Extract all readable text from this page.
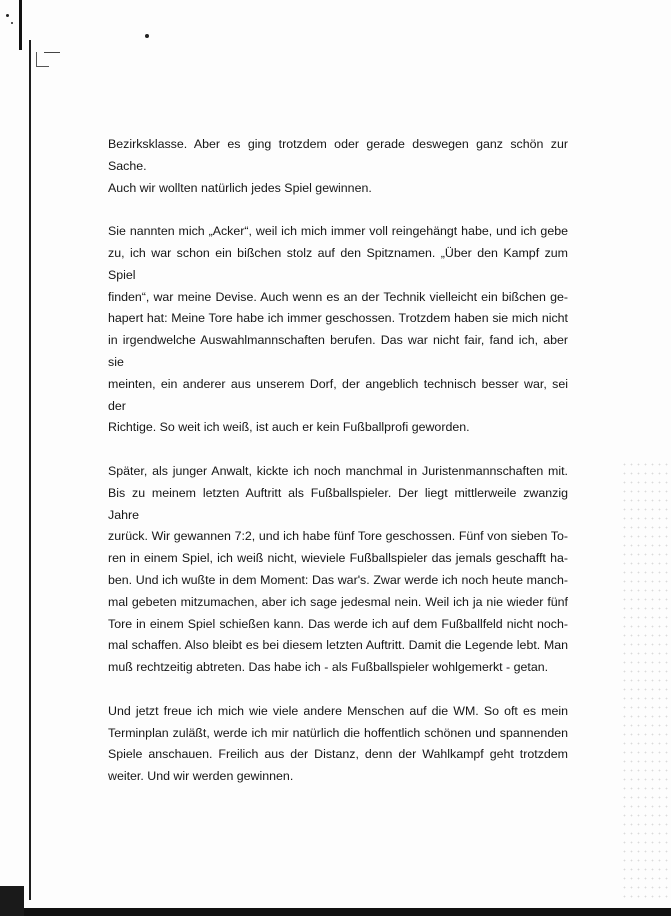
Bezirksklasse. Aber es ging trotzdem oder gerade deswegen ganz schön zur Sache.
Auch wir wollten natürlich jedes Spiel gewinnen.

Sie nannten mich „Acker“, weil ich mich immer voll reingehängt habe, und ich gebe
zu, ich war schon ein bißchen stolz auf den Spitznamen. „Über den Kampf zum Spiel
finden“, war meine Devise. Auch wenn es an der Technik vielleicht ein bißchen ge-
hapert hat: Meine Tore habe ich immer geschossen. Trotzdem haben sie mich nicht
in irgendwelche Auswahlmannschaften berufen. Das war nicht fair, fand ich, aber sie
meinten, ein anderer aus unserem Dorf, der angeblich technisch besser war, sei der
Richtige. So weit ich weiß, ist auch er kein Fußballprofi geworden.

Später, als junger Anwalt, kickte ich noch manchmal in Juristenmannschaften mit.
Bis zu meinem letzten Auftritt als Fußballspieler. Der liegt mittlerweile zwanzig Jahre
zurück. Wir gewannen 7:2, und ich habe fünf Tore geschossen. Fünf von sieben To-
ren in einem Spiel, ich weiß nicht, wieviele Fußballspieler das jemals geschafft ha-
ben. Und ich wußte in dem Moment: Das war's. Zwar werde ich noch heute manch-
mal gebeten mitzumachen, aber ich sage jedesmal nein. Weil ich ja nie wieder fünf
Tore in einem Spiel schießen kann. Das werde ich auf dem Fußballfeld nicht noch-
mal schaffen. Also bleibt es bei diesem letzten Auftritt. Damit die Legende lebt. Man
muß rechtzeitig abtreten. Das habe ich - als Fußballspieler wohlgemerkt - getan.

Und jetzt freue ich mich wie viele andere Menschen auf die WM. So oft es mein
Terminplan zuläßt, werde ich mir natürlich die hoffentlich schönen und spannenden
Spiele anschauen. Freilich aus der Distanz, denn der Wahlkampf geht trotzdem
weiter. Und wir werden gewinnen.
